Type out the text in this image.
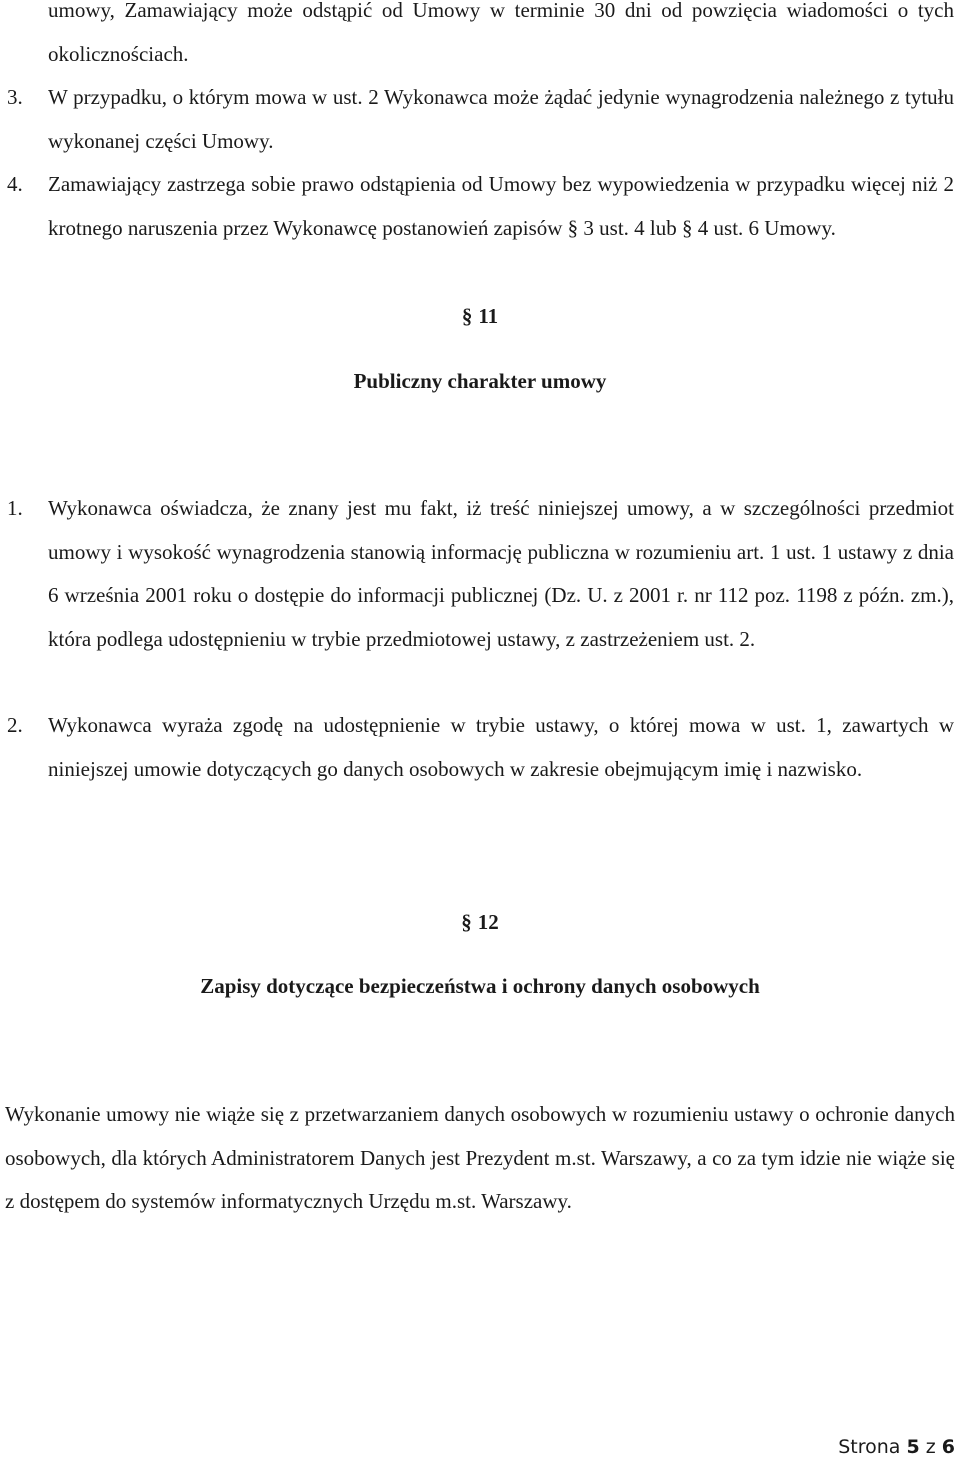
umowy, Zamawiający może odstąpić od Umowy w terminie 30 dni od powzięcia wiadomości o tych okolicznościach.
3. W przypadku, o którym mowa w ust. 2 Wykonawca może żądać jedynie wynagrodzenia należnego z tytułu wykonanej części Umowy.
4. Zamawiający zastrzega sobie prawo odstąpienia od Umowy bez wypowiedzenia w przypadku więcej niż 2 krotnego naruszenia przez Wykonawcę postanowień zapisów § 3 ust. 4 lub § 4 ust. 6 Umowy.
§ 11
Publiczny charakter umowy
1. Wykonawca oświadcza, że znany jest mu fakt, iż treść niniejszej umowy, a w szczególności przedmiot umowy i wysokość wynagrodzenia stanowią informację publiczna w rozumieniu art. 1 ust. 1 ustawy z dnia 6 września 2001 roku o dostępie do informacji publicznej (Dz. U. z 2001 r. nr 112 poz. 1198 z późn. zm.), która podlega udostępnieniu w trybie przedmiotowej ustawy, z zastrzeżeniem ust. 2.
2. Wykonawca wyraża zgodę na udostępnienie w trybie ustawy, o której mowa w ust. 1, zawartych w niniejszej umowie dotyczących go danych osobowych w zakresie obejmującym imię i nazwisko.
§ 12
Zapisy dotyczące bezpieczeństwa i ochrony danych osobowych
Wykonanie umowy nie wiąże się z przetwarzaniem danych osobowych w rozumieniu ustawy o ochronie danych osobowych, dla których Administratorem Danych jest Prezydent m.st. Warszawy, a co za tym idzie nie wiąże się z dostępem do systemów informatycznych Urzędu m.st. Warszawy.
Strona 5 z 6
